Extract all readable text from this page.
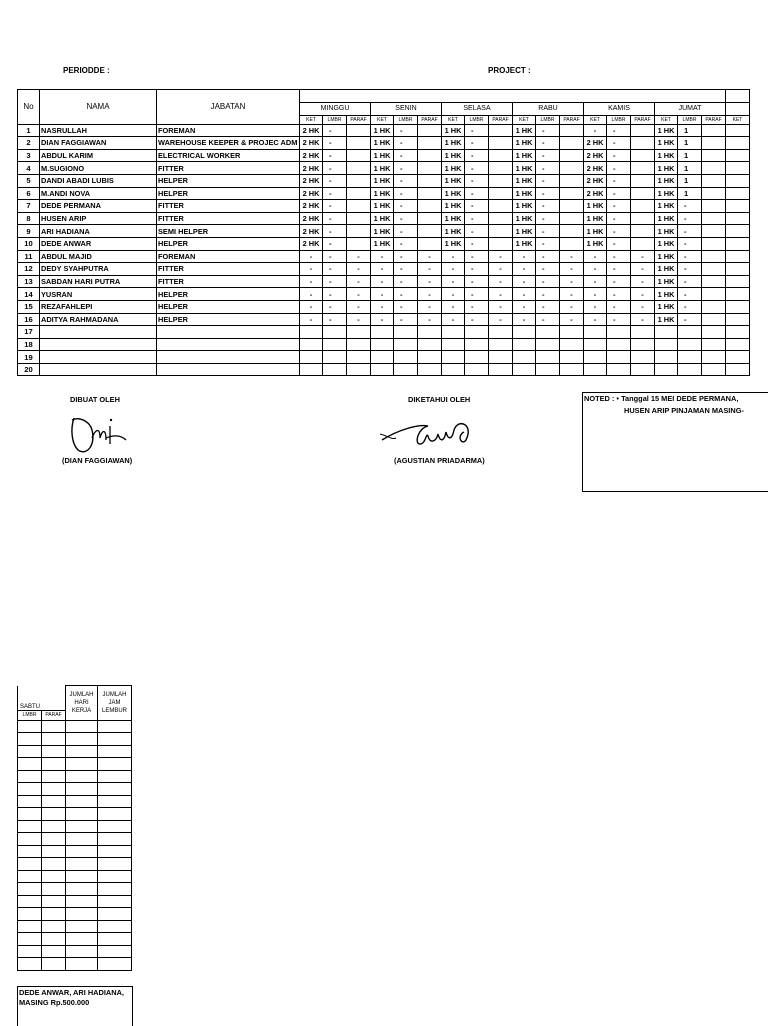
PERIODDE :	PROJECT :
No	NAMA	JABATAN																			
			MINGGU			SENIN			SELASA			RABU			KAMIS			JUMAT			
			KET	LMBR	PARAF	KET	LMBR	PARAF	KET	LMBR	PARAF	KET	LMBR	PARAF	KET	LMBR	PARAF	KET	LMBR	PARAF	KET
1	NASRULLAH	FOREMAN	2 HK	-		1 HK	-		1 HK	-		1 HK	-		-	-		1 HK	1		
2	DIAN FAGGIAWAN	WAREHOUSE KEEPER & PROJEC ADM	2 HK	-		1 HK	-		1 HK	-		1 HK	-		2 HK	-		1 HK	1		
3	ABDUL KARIM	ELECTRICAL WORKER	2 HK	-		1 HK	-		1 HK	-		1 HK	-		2 HK	-		1 HK	1		
4	M.SUGIONO	FITTER	2 HK	-		1 HK	-		1 HK	-		1 HK	-		2 HK	-		1 HK	1		
5	DANDI ABADI LUBIS	HELPER	2 HK	-		1 HK	-		1 HK	-		1 HK	-		2 HK	-		1 HK	1		
6	M.ANDI NOVA	HELPER	2 HK	-		1 HK	-		1 HK	-		1 HK	-		2 HK	-		1 HK	1		
7	DEDE PERMANA	FITTER	2 HK	-		1 HK	-		1 HK	-		1 HK	-		1 HK	-		1 HK	-		
8	HUSEN ARIP	FITTER	2 HK	-		1 HK	-		1 HK	-		1 HK	-		1 HK	-		1 HK	-		
9	ARI HADIANA	SEMI HELPER	2 HK	-		1 HK	-		1 HK	-		1 HK	-		1 HK	-		1 HK	-		
10	DEDE ANWAR	HELPER	2 HK	-		1 HK	-		1 HK	-		1 HK	-		1 HK	-		1 HK	-		
11	ABDUL MAJID	FOREMAN	-	-	-	-	-	-	-	-	-	-	-	-	-	-	-	1 HK	-		
12	DEDY SYAHPUTRA	FITTER	-	-	-	-	-	-	-	-	-	-	-	-	-	-	-	1 HK	-		
13	SABDAN HARI PUTRA	FITTER	-	-	-	-	-	-	-	-	-	-	-	-	-	-	-	1 HK	-		
14	YUSRAN	HELPER	-	-	-	-	-	-	-	-	-	-	-	-	-	-	-	1 HK	-		
15	REZAFAHLEPI	HELPER	-	-	-	-	-	-	-	-	-	-	-	-	-	-	-	1 HK	-		
16	ADITYA RAHMADANA	HELPER	-	-	-	-	-	-	-	-	-	-	-	-	-	-	-	1 HK	-		
17																					
18																					
19																					
20																					
DIBUAT OLEH
(DIAN FAGGIAWAN)
DIKETAHUI OLEH
(AGUSTIAN PRIADARMA)
NOTED : • Tanggal 15 MEI DEDE PERMANA,
HUSEN ARIP PINJAMAN MASING-
SABTU		JUMLAH HARI KERJA	JUMLAH JAM LEMBUR
LMBR	PARAF		

DEDE ANWAR, ARI HADIANA,
MASING Rp.500.000
